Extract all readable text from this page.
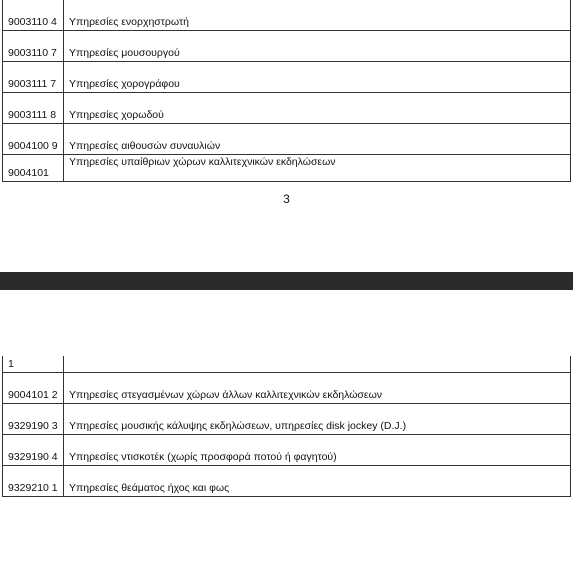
9003110 4	Υπηρεσίες ενορχηστρωτή
9003110 7	Υπηρεσίες μουσουργού
9003111 7	Υπηρεσίες χορογράφου
9003111 8	Υπηρεσίες χορωδού
9004100 9	Υπηρεσίες αιθουσών συναυλιών
9004101	Υπηρεσίες υπαίθριων χώρων καλλιτεχνικών εκδηλώσεων
3
1	
9004101 2	Υπηρεσίες στεγασμένων χώρων άλλων καλλιτεχνικών εκδηλώσεων
9329190 3	Υπηρεσίες μουσικής κάλυψης εκδηλώσεων, υπηρεσίες disk jockey (D.J.)
9329190 4	Υπηρεσίες ντισκοτέκ (χωρίς προσφορά ποτού ή φαγητού)
9329210 1	Υπηρεσίες θεάματος ήχος και φως
